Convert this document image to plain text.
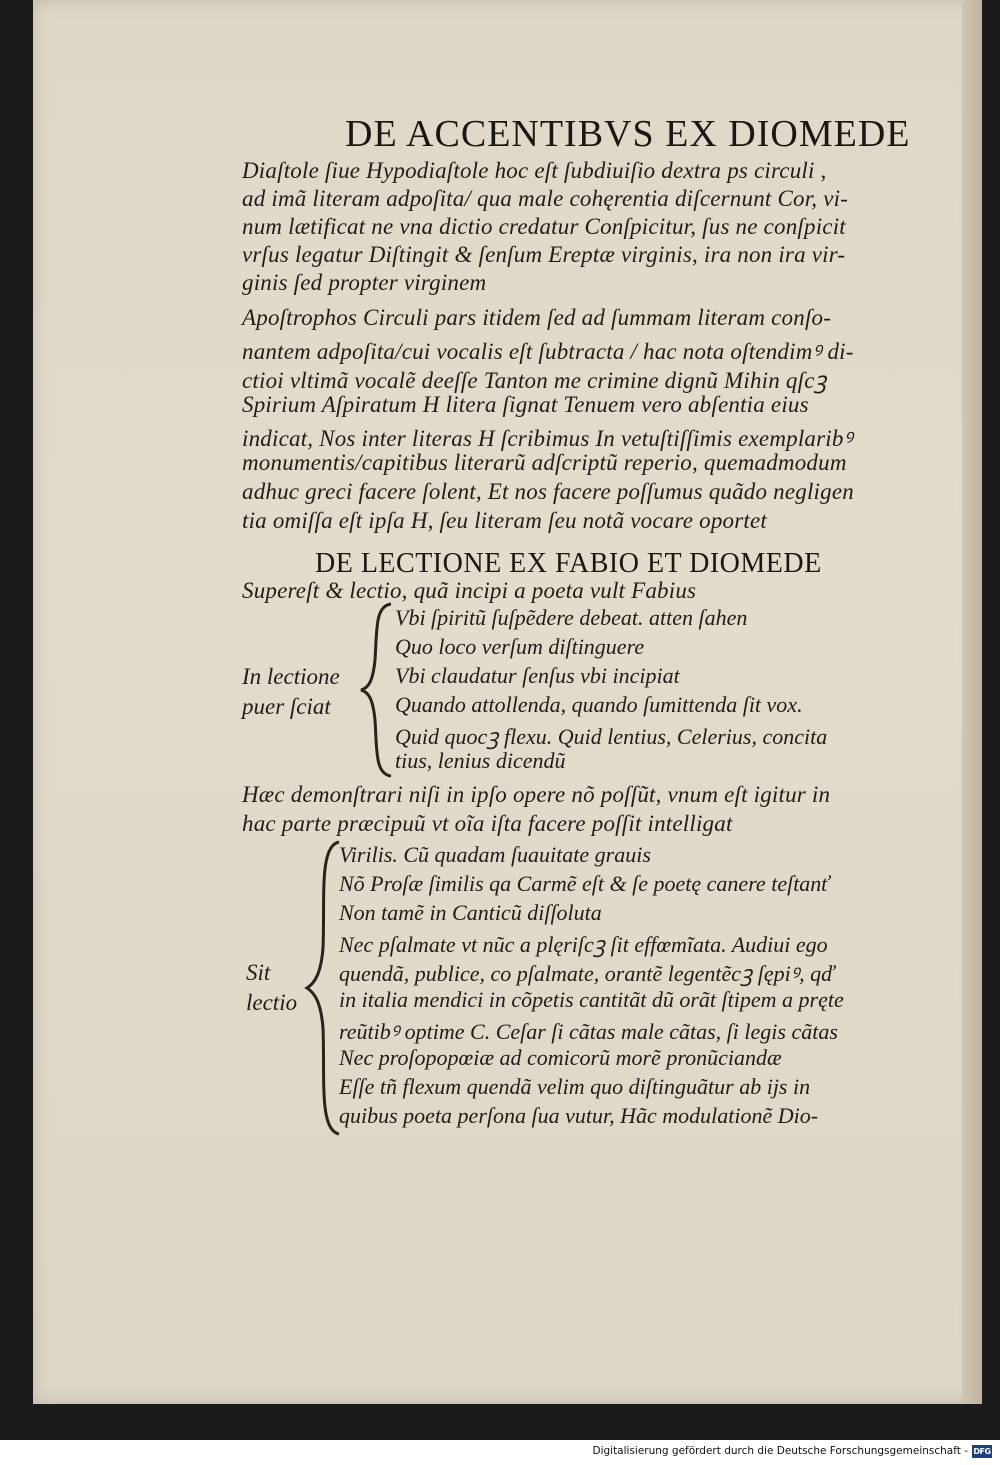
DE ACCENTIBVS EX DIOMEDE
Diaſtole ſiue Hypodiaſtole hoc eſt ſubdiuiſio dextra ps circuli ,
ad imã literam adpoſita/ qua male cohęrentia diſcernunt Cor, vi-
num lætificat ne vna dictio credatur Conſpicitur, ſus ne conſpicit
vrſus legatur Diſtingit & ſenſum Ereptæ virginis, ira non ira vir-
ginis ſed propter virginem
Apoſtrophos Circuli pars itidem ſed ad ſummam literam conſo-
nantem adpoſita/cui vocalis eſt ſubtracta / hac nota oſtendimꝰ di-
ctioi vltimã vocalẽ deeſſe Tanton me crimine dignũ Mihin qſcꝫ
Spirium Aſpiratum H litera ſignat Tenuem vero abſentia eius
indicat, Nos inter literas H ſcribimus In vetuſtiſſimis exemplaribꝰ
monumentis/capitibus literarũ adſcriptũ reperio, quemadmodum
adhuc greci facere ſolent, Et nos facere poſſumus quãdo negligen
tia omiſſa eſt ipſa H, ſeu literam ſeu notã vocare oportet
DE LECTIONE EX FABIO ET DIOMEDE
Supereſt & lectio, quã incipi a poeta vult Fabius
In lectione
puer ſciat
Vbi ſpiritũ ſuſpẽdere debeat. atten ſahen
Quo loco verſum diſtinguere
Vbi claudatur ſenſus vbi incipiat
Quando attollenda, quando ſumittenda ſit vox.
Quid quocꝫ flexu. Quid lentius, Celerius, concita
tius, lenius dicendũ
Hæc demonſtrari niſi in ipſo opere nõ poſſũt, vnum eſt igitur in
hac parte præcipuũ vt oĩa iſta facere poſſit intelligat
Sit
lectio
Virilis. Cũ quadam ſuauitate grauis
Nõ Proſæ ſimilis qa Carmẽ eſt & ſe poetę canere teſtanť
Non tamẽ in Canticũ diſſoluta
Nec pſalmate vt nũc a plęriſcꝫ ſit effœmĩata. Audiui ego
quendã, publice, co pſalmate, orantẽ legentẽcꝫ ſępiꝰ, qď
in italia mendici in cõpetis cantitãt dũ orãt ſtipem a pręte
reũtibꝰ optime C. Ceſar ſi cãtas male cãtas, ſi legis cãtas
Nec proſopopœiæ ad comicorũ morẽ pronũciandæ
Eſſe tñ flexum quendã velim quo diſtinguãtur ab ijs in
quibus poeta perſona ſua vutur, Hãc modulationẽ Dio-
Digitalisierung gefördert durch die Deutsche Forschungsgemeinschaft - DFG
